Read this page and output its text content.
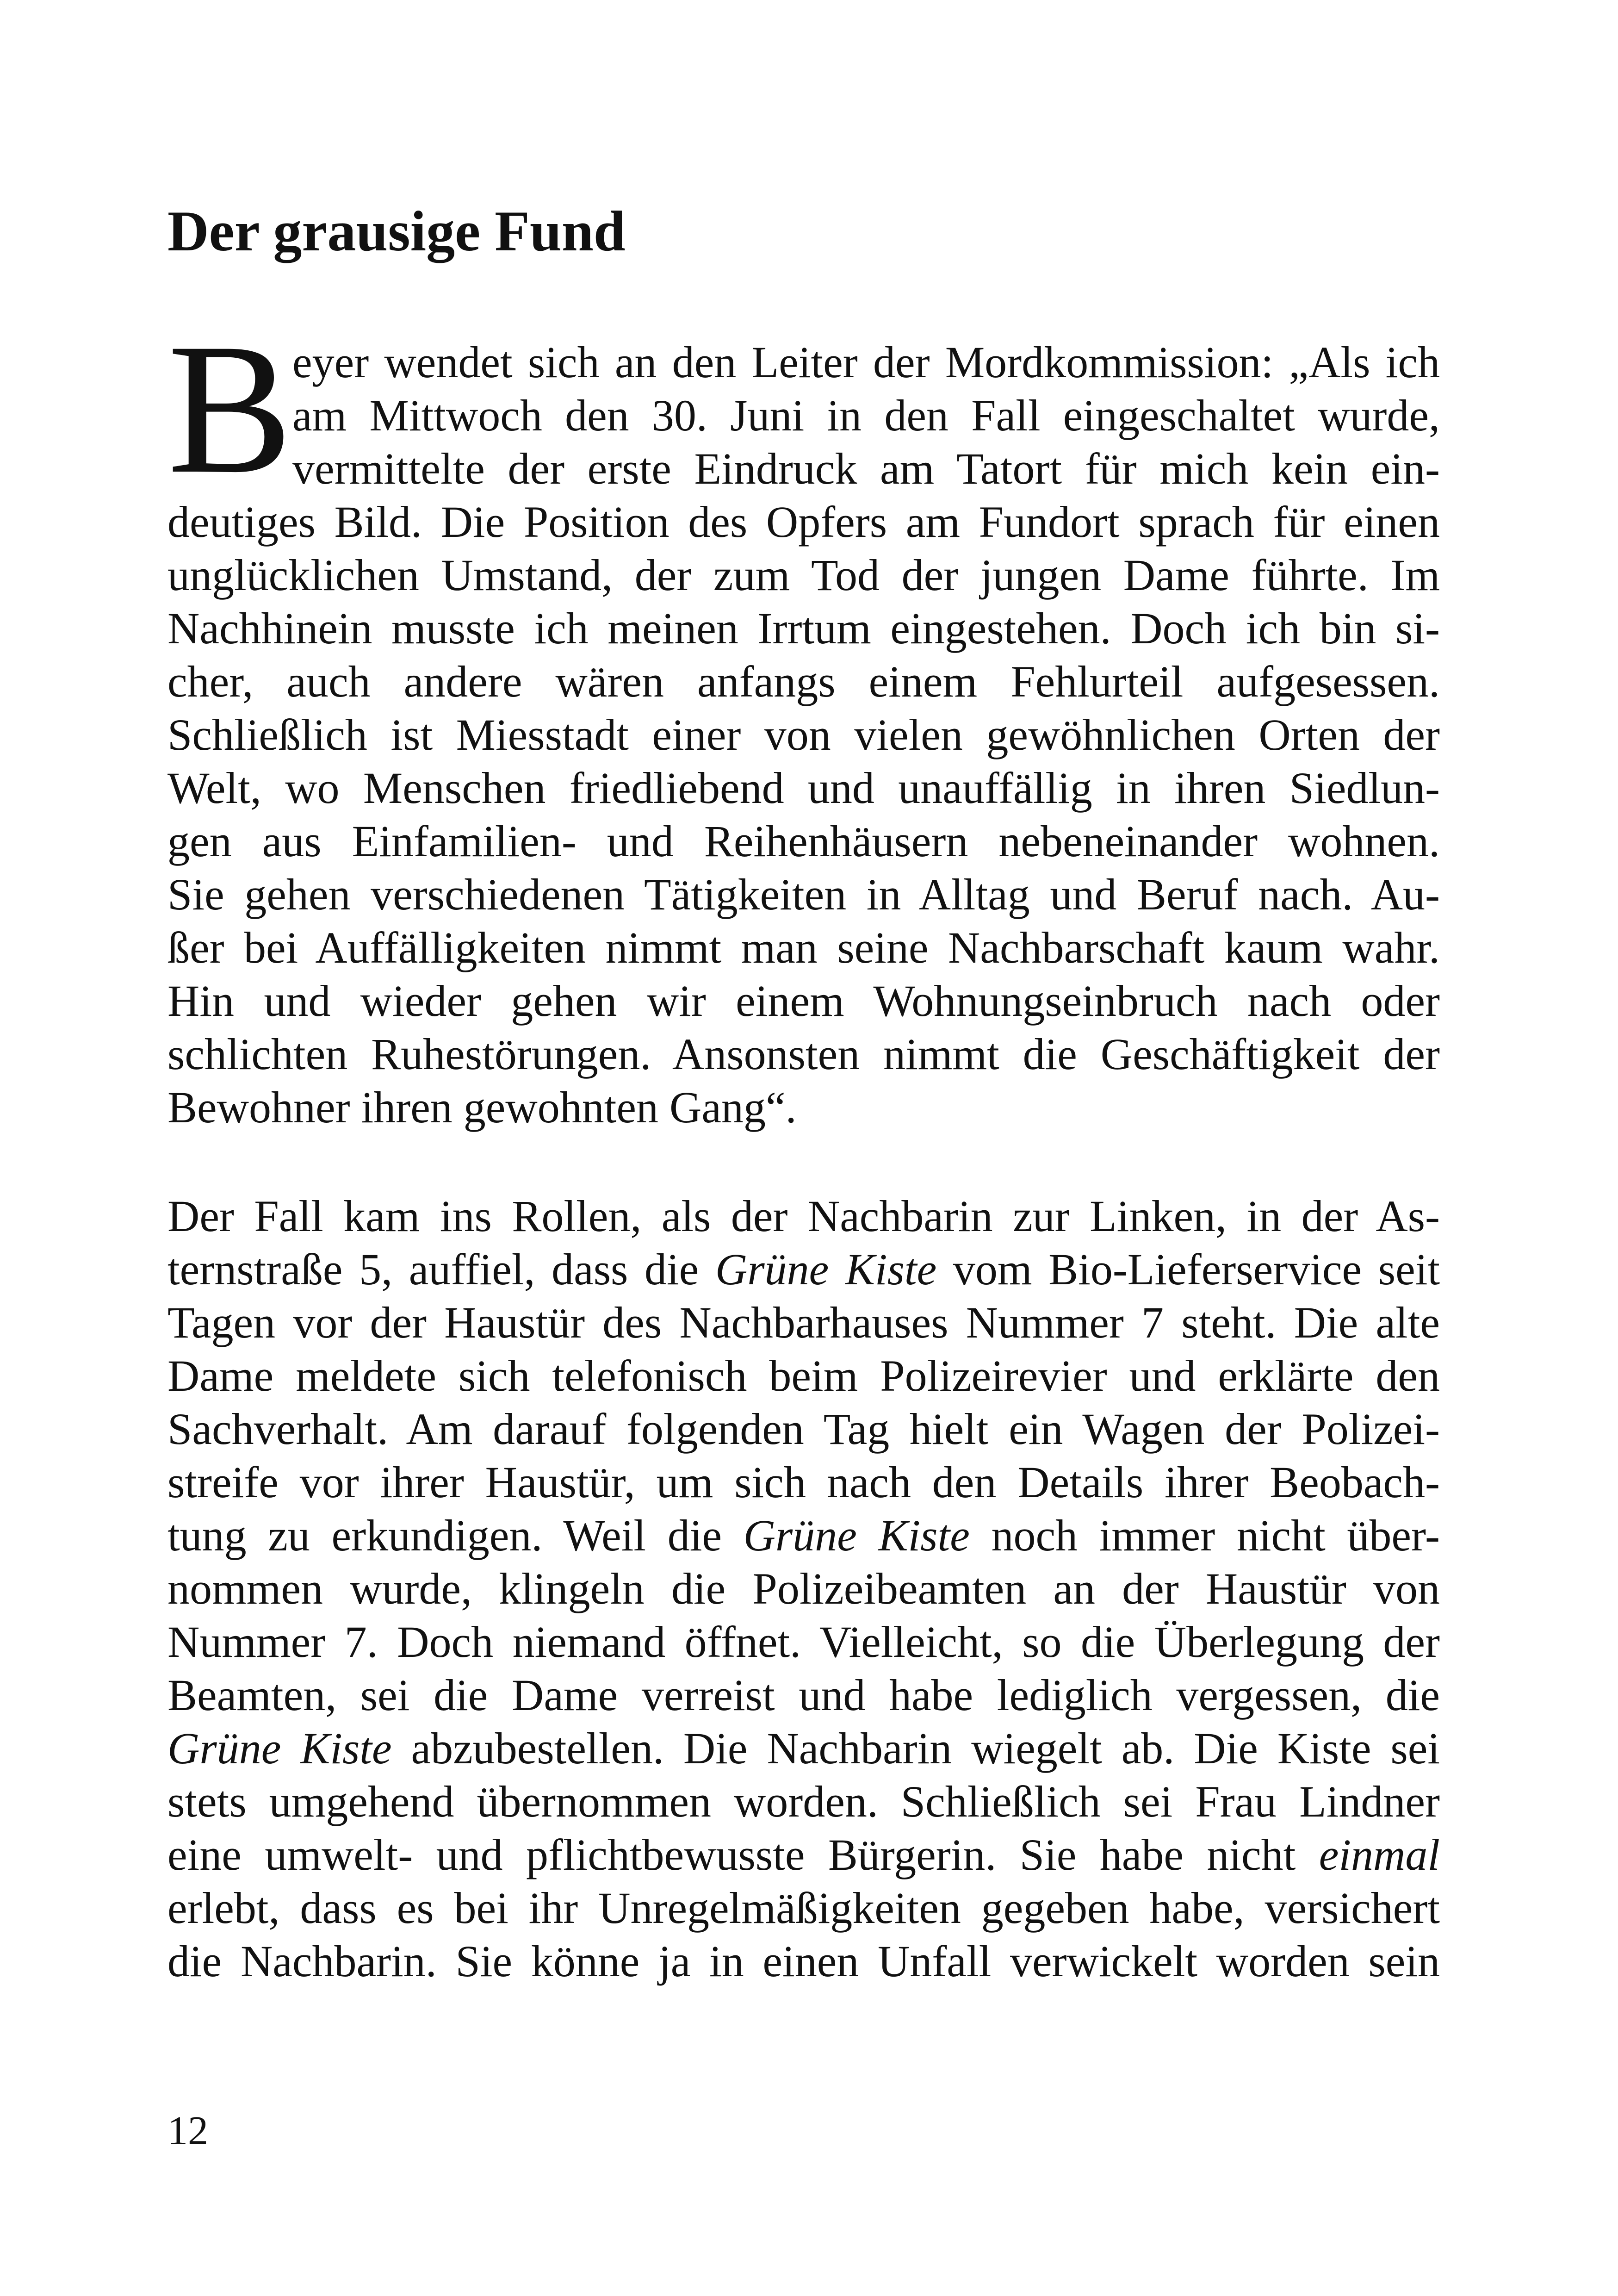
Der grausige Fund
B eyer wendet sich an den Leiter der Mordkommission: „Als ich
am Mittwoch den 30. Juni in den Fall eingeschaltet wurde,
vermittelte der erste Eindruck am Tatort für mich kein ein-
deutiges Bild. Die Position des Opfers am Fundort sprach für einen
unglücklichen Umstand, der zum Tod der jungen Dame führte. Im
Nachhinein musste ich meinen Irrtum eingestehen. Doch ich bin si-
cher, auch andere wären anfangs einem Fehlurteil aufgesessen.
Schließlich ist Miesstadt einer von vielen gewöhnlichen Orten der
Welt, wo Menschen friedliebend und unauffällig in ihren Siedlun-
gen aus Einfamilien- und Reihenhäusern nebeneinander wohnen.
Sie gehen verschiedenen Tätigkeiten in Alltag und Beruf nach. Au-
ßer bei Auffälligkeiten nimmt man seine Nachbarschaft kaum wahr.
Hin und wieder gehen wir einem Wohnungseinbruch nach oder
schlichten Ruhestörungen. Ansonsten nimmt die Geschäftigkeit der
Bewohner ihren gewohnten Gang“.
Der Fall kam ins Rollen, als der Nachbarin zur Linken, in der As-
ternstraße 5, auffiel, dass die Grüne Kiste vom Bio-Lieferservice seit
Tagen vor der Haustür des Nachbarhauses Nummer 7 steht. Die alte
Dame meldete sich telefonisch beim Polizeirevier und erklärte den
Sachverhalt. Am darauf folgenden Tag hielt ein Wagen der Polizei-
streife vor ihrer Haustür, um sich nach den Details ihrer Beobach-
tung zu erkundigen. Weil die Grüne Kiste noch immer nicht über-
nommen wurde, klingeln die Polizeibeamten an der Haustür von
Nummer 7. Doch niemand öffnet. Vielleicht, so die Überlegung der
Beamten, sei die Dame verreist und habe lediglich vergessen, die
Grüne Kiste abzubestellen. Die Nachbarin wiegelt ab. Die Kiste sei
stets umgehend übernommen worden. Schließlich sei Frau Lindner
eine umwelt- und pflichtbewusste Bürgerin. Sie habe nicht einmal
erlebt, dass es bei ihr Unregelmäßigkeiten gegeben habe, versichert
die Nachbarin. Sie könne ja in einen Unfall verwickelt worden sein
12
